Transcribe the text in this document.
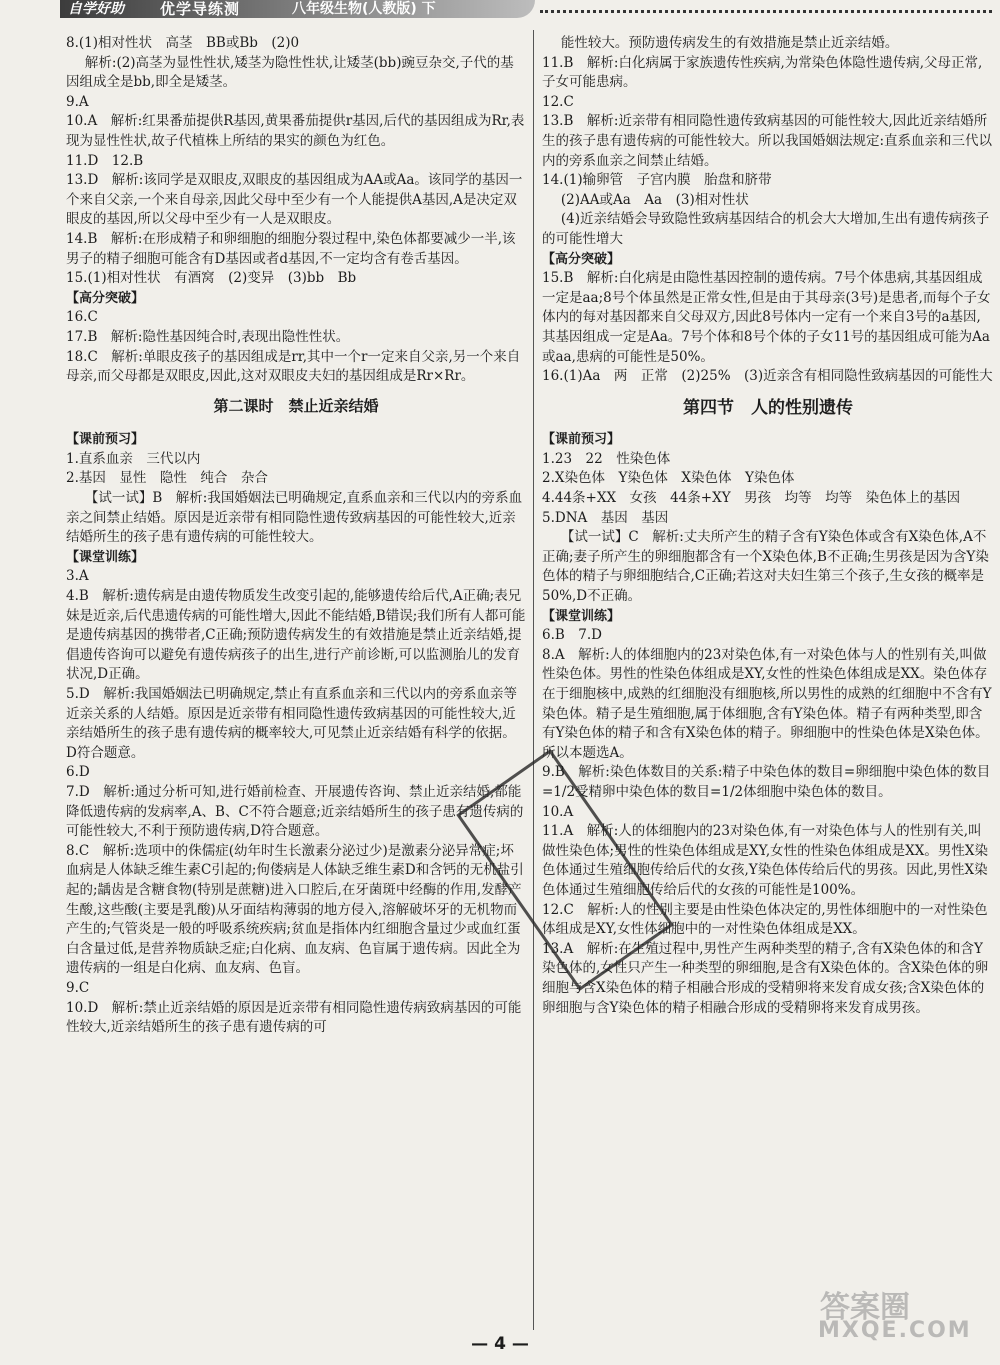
自学好助 优学导练测	八年级生物(人教版) 下

8.(1)相对性状　高茎　BB或Bb　(2)0

解析:(2)高茎为显性性状,矮茎为隐性性状,让矮茎(bb)豌豆杂交,子代的基因组成全是bb,即全是矮茎。

9.A

10.A　解析:红果番茄提供R基因,黄果番茄提供r基因,后代的基因组成为Rr,表现为显性性状,故子代植株上所结的果实的颜色为红色。

11.D　12.B

13.D　解析:该同学是双眼皮,双眼皮的基因组成为AA或Aa。该同学的基因一个来自父亲,一个来自母亲,因此父母中至少有一个人能提供A基因,A是决定双眼皮的基因,所以父母中至少有一人是双眼皮。

14.B　解析:在形成精子和卵细胞的细胞分裂过程中,染色体都要减少一半,该男子的精子细胞可能含有D基因或者d基因,不一定均含有卷舌基因。

15.(1)相对性状　有酒窝　(2)变异　(3)bb　Bb

【高分突破】

16.C

17.B　解析:隐性基因纯合时,表现出隐性性状。

18.C　解析:单眼皮孩子的基因组成是rr,其中一个r一定来自父亲,另一个来自母亲,而父母都是双眼皮,因此,这对双眼皮夫妇的基因组成是Rr×Rr。

第二课时　禁止近亲结婚

【课前预习】

1.直系血亲　三代以内

2.基因　显性　隐性　纯合　杂合

【试一试】B　解析:我国婚姻法已明确规定,直系血亲和三代以内的旁系血亲之间禁止结婚。原因是近亲带有相同隐性遗传致病基因的可能性较大,近亲结婚所生的孩子患有遗传病的可能性较大。

【课堂训练】

3.A

4.B　解析:遗传病是由遗传物质发生改变引起的,能够遗传给后代,A正确;表兄妹是近亲,后代患遗传病的可能性增大,因此不能结婚,B错误;我们所有人都可能是遗传病基因的携带者,C正确;预防遗传病发生的有效措施是禁止近亲结婚,提倡遗传咨询可以避免有遗传病孩子的出生,进行产前诊断,可以监测胎儿的发育状况,D正确。

5.D　解析:我国婚姻法已明确规定,禁止有直系血亲和三代以内的旁系血亲等近亲关系的人结婚。原因是近亲带有相同隐性遗传致病基因的可能性较大,近亲结婚所生的孩子患有遗传病的概率较大,可见禁止近亲结婚有科学的依据。D符合题意。

6.D

7.D　解析:通过分析可知,进行婚前检查、开展遗传咨询、禁止近亲结婚,都能降低遗传病的发病率,A、B、C不符合题意;近亲结婚所生的孩子患有遗传病的可能性较大,不利于预防遗传病,D符合题意。

8.C　解析:选项中的侏儒症(幼年时生长激素分泌过少)是激素分泌异常症;坏血病是人体缺乏维生素C引起的;佝偻病是人体缺乏维生素D和含钙的无机盐引起的;龋齿是含糖食物(特别是蔗糖)进入口腔后,在牙菌斑中经酶的作用,发酵产生酸,这些酸(主要是乳酸)从牙面结构薄弱的地方侵入,溶解破坏牙的无机物而产生的;气管炎是一般的呼吸系统疾病;贫血是指体内红细胞含量过少或血红蛋白含量过低,是营养物质缺乏症;白化病、血友病、色盲属于遗传病。因此全为遗传病的一组是白化病、血友病、色盲。

9.C

10.D　解析:禁止近亲结婚的原因是近亲带有相同隐性遗传病致病基因的可能性较大,近亲结婚所生的孩子患有遗传病的可

能性较大。预防遗传病发生的有效措施是禁止近亲结婚。

11.B　解析:白化病属于家族遗传性疾病,为常染色体隐性遗传病,父母正常,子女可能患病。

12.C

13.B　解析:近亲带有相同隐性遗传致病基因的可能性较大,因此近亲结婚所生的孩子患有遗传病的可能性较大。所以我国婚姻法规定:直系血亲和三代以内的旁系血亲之间禁止结婚。

14.(1)输卵管　子宫内膜　胎盘和脐带

(2)AA或Aa　Aa　(3)相对性状

(4)近亲结婚会导致隐性致病基因结合的机会大大增加,生出有遗传病孩子的可能性增大

【高分突破】

15.B　解析:白化病是由隐性基因控制的遗传病。7号个体患病,其基因组成一定是aa;8号个体虽然是正常女性,但是由于其母亲(3号)是患者,而每个子女体内的每对基因都来自父母双方,因此8号体内一定有一个来自3号的a基因,其基因组成一定是Aa。7号个体和8号个体的子女11号的基因组成可能为Aa或aa,患病的可能性是50%。

16.(1)Aa　两　正常　(2)25%　(3)近亲含有相同隐性致病基因的可能性大

第四节　人的性别遗传

【课前预习】

1.23　22　性染色体

2.X染色体　Y染色体　X染色体　Y染色体

4.44条+XX　女孩　44条+XY　男孩　均等　均等　染色体上的基因

5.DNA　基因　基因

【试一试】C　解析:丈夫所产生的精子含有Y染色体或含有X染色体,A不正确;妻子所产生的卵细胞都含有一个X染色体,B不正确;生男孩是因为含Y染色体的精子与卵细胞结合,C正确;若这对夫妇生第三个孩子,生女孩的概率是50%,D不正确。

【课堂训练】

6.B　7.D

8.A　解析:人的体细胞内的23对染色体,有一对染色体与人的性别有关,叫做性染色体。男性的性染色体组成是XY,女性的性染色体组成是XX。染色体存在于细胞核中,成熟的红细胞没有细胞核,所以男性的成熟的红细胞中不含有Y染色体。精子是生殖细胞,属于体细胞,含有Y染色体。精子有两种类型,即含有Y染色体的精子和含有X染色体的精子。卵细胞中的性染色体是X染色体。所以本题选A。

9.B　解析:染色体数目的关系:精子中染色体的数目=卵细胞中染色体的数目=1/2受精卵中染色体的数目=1/2体细胞中染色体的数目。

10.A

11.A　解析:人的体细胞内的23对染色体,有一对染色体与人的性别有关,叫做性染色体;男性的性染色体组成是XY,女性的性染色体组成是XX。男性X染色体通过生殖细胞传给后代的女孩,Y染色体传给后代的男孩。因此,男性X染色体通过生殖细胞传给后代的女孩的可能性是100%。

12.C　解析:人的性别主要是由性染色体决定的,男性体细胞中的一对性染色体组成是XY,女性体细胞中的一对性染色体组成是XX。

13.A　解析:在生殖过程中,男性产生两种类型的精子,含有X染色体的和含Y染色体的,女性只产生一种类型的卵细胞,是含有X染色体的。含X染色体的卵细胞与含X染色体的精子相融合形成的受精卵将来发育成女孩;含X染色体的卵细胞与含Y染色体的精子相融合形成的受精卵将来发育成男孩。

答案圈
MXQE.COM
— 4 —
